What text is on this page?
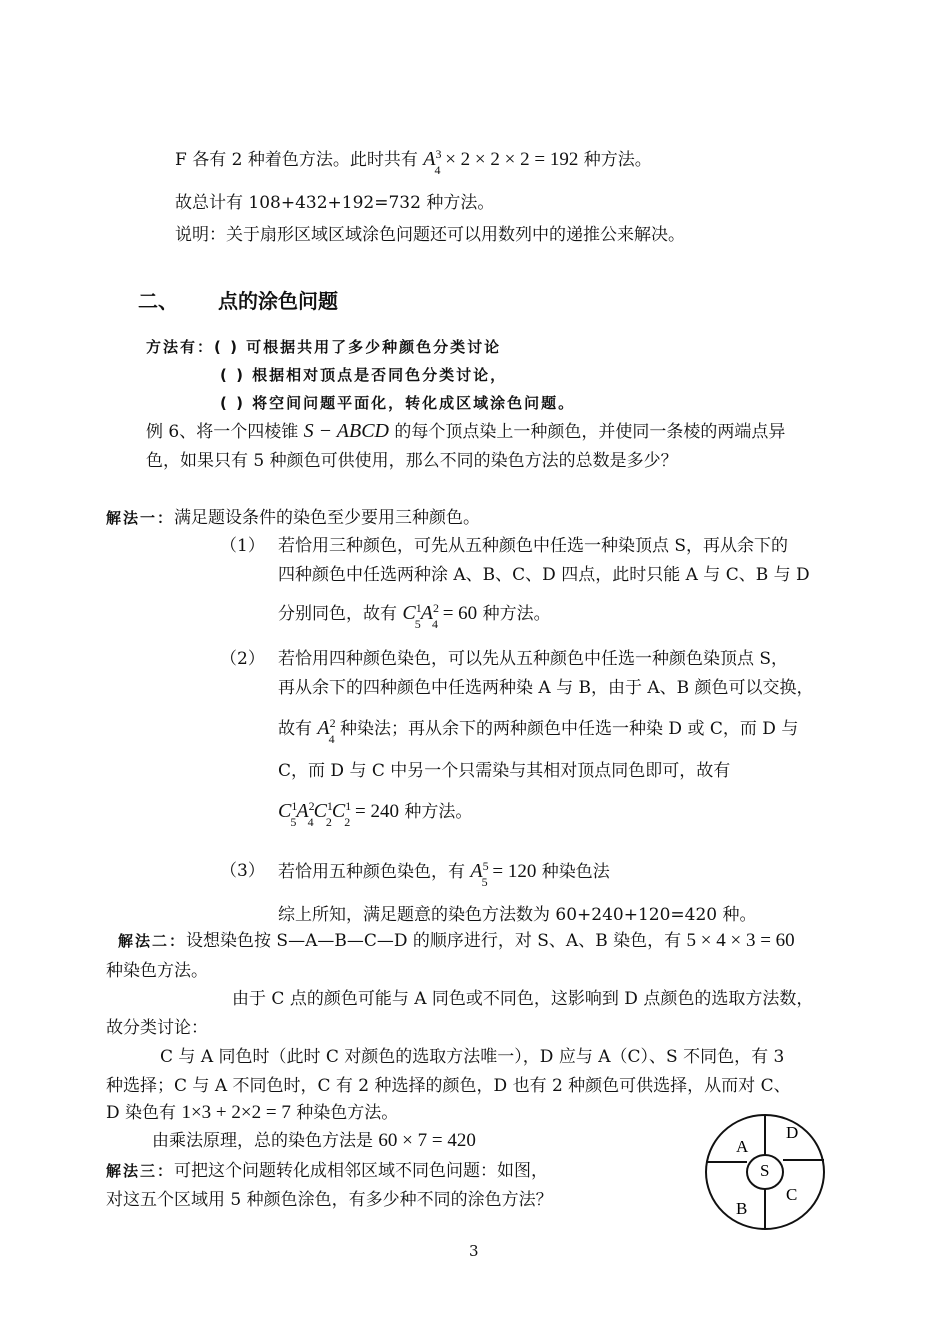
F 各有 2 种着色方法。此时共有 $A^3_4 \times 2 \times 2 \times 2 = 192$ 种方法。
故总计有 108+432+192=732 种方法。
说明：关于扇形区域区域涂色问题还可以用数列中的递推公来解决。
二、 点的涂色问题
方法有：( ) 可根据共用了多少种颜色分类讨论
( ) 根据相对顶点是否同色分类讨论，
( ) 将空间问题平面化，转化成区域涂色问题。
例 6、将一个四棱锥 S − ABCD 的每个顶点染上一种颜色，并使同一条棱的两端点异
色，如果只有 5 种颜色可供使用，那么不同的染色方法的总数是多少？
解法一：满足题设条件的染色至少要用三种颜色。
（1） 若恰用三种颜色，可先从五种颜色中任选一种染顶点 S，再从余下的
四种颜色中任选两种涂 A、B、C、D 四点，此时只能 A 与 C、B 与 D
分别同色，故有 $C^1_5A^2_4 = 60$ 种方法。
（2） 若恰用四种颜色染色，可以先从五种颜色中任选一种颜色染顶点 S，
再从余下的四种颜色中任选两种染 A 与 B，由于 A、B 颜色可以交换，
故有 $A^2_4$ 种染法；再从余下的两种颜色中任选一种染 D 或 C，而 D 与
C，而 D 与 C 中另一个只需染与其相对顶点同色即可，故有
$C^1_5A^2_4C^1_2C^1_2 = 240$ 种方法。
（3） 若恰用五种颜色染色，有 $A^5_5 = 120$ 种染色法
综上所知，满足题意的染色方法数为 60+240+120=420 种。
解法二：设想染色按 S—A—B—C—D 的顺序进行，对 S、A、B 染色，有 5 × 4 × 3 = 60
种染色方法。
由于 C 点的颜色可能与 A 同色或不同色，这影响到 D 点颜色的选取方法数，
故分类讨论：
C 与 A 同色时（此时 C 对颜色的选取方法唯一），D 应与 A（C）、S 不同色，有 3
种选择；C 与 A 不同色时，C 有 2 种选择的颜色，D 也有 2 种颜色可供选择，从而对 C、
D 染色有 1×3 + 2×2 = 7 种染色方法。
由乘法原理，总的染色方法是 60 × 7 = 420
解法三：可把这个问题转化成相邻区域不同色问题：如图，
对这五个区域用 5 种颜色涂色，有多少种不同的涂色方法？
A
D
S
B
C
3
